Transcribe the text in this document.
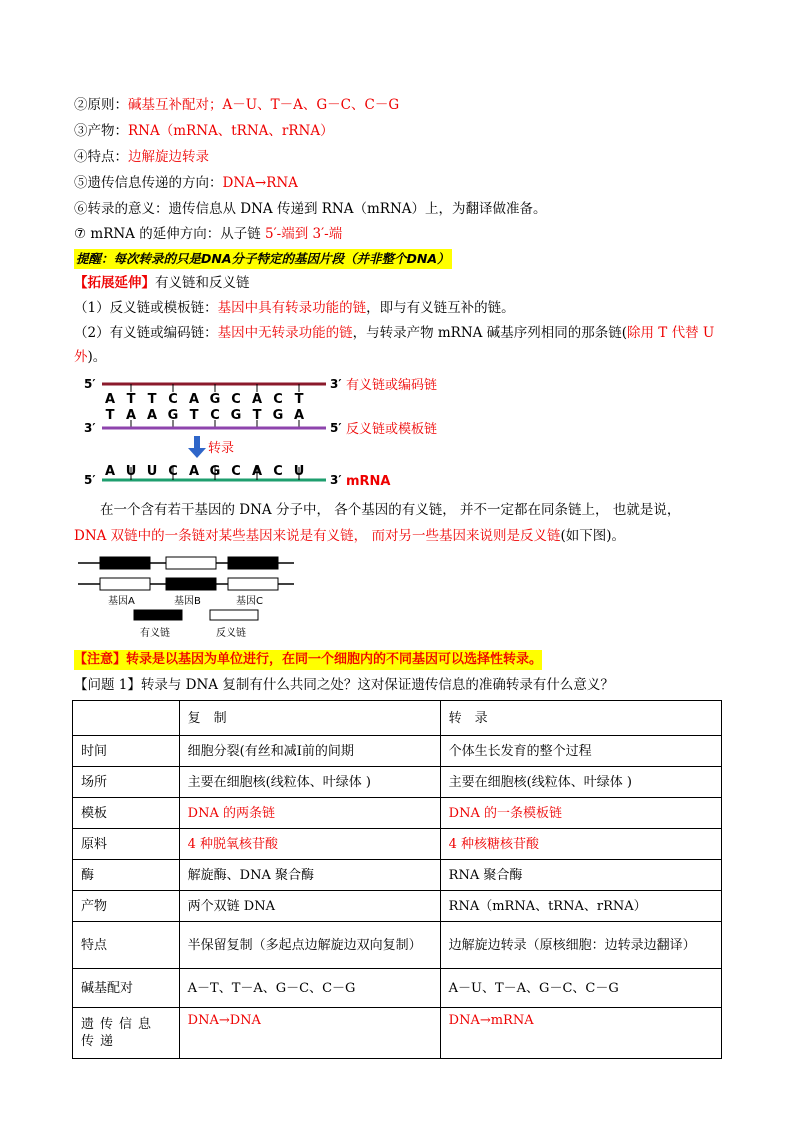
②原则：碱基互补配对；A－U、T－A、G－C、C－G
③产物：RNA（mRNA、tRNA、rRNA）
④特点：边解旋边转录
⑤遗传信息传递的方向：DNA→RNA
⑥转录的意义：遗传信息从 DNA 传递到 RNA（mRNA）上，为翻译做准备。
⑦ mRNA 的延伸方向：从子链 5′-端到 3′-端
提醒：每次转录的只是DNA分子特定的基因片段（并非整个DNA）
【拓展延伸】有义链和反义链
（1）反义链或模板链：基因中具有转录功能的链，即与有义链互补的链。
（2）有义链或编码链：基因中无转录功能的链，与转录产物 mRNA 碱基序列相同的那条链(除用 T 代替 U
外)。
5′	3′ 有义链或编码链
A T T C A G C A C T
T A A G T C G T G A
3′	5′ 反义链或模板链
转录
5′	3′ mRNA
A U U C A G C A C U
在一个含有若干基因的 DNA 分子中， 各个基因的有义链， 并不一定都在同条链上， 也就是说，
DNA 双链中的一条链对某些基因来说是有义链， 而对另一些基因来说则是反义链(如下图)。
基因A	基因B	基因C
有义链	反义链
【注意】转录是以基因为单位进行，在同一个细胞内的不同基因可以选择性转录。
【问题 1】转录与 DNA 复制有什么共同之处？这对保证遗传信息的准确转录有什么意义？
	复　制	转　录
时间	细胞分裂(有丝和减Ⅰ前的间期	个体生长发育的整个过程
场所	主要在细胞核(线粒体、叶绿体 )	主要在细胞核(线粒体、叶绿体 )
模板	DNA 的两条链	DNA 的一条模板链
原料	4 种脱氧核苷酸	4 种核糖核苷酸
酶	解旋酶、DNA 聚合酶	RNA 聚合酶
产物	两个双链 DNA	RNA（mRNA、tRNA、rRNA）
特点	半保留复制（多起点边解旋边双向复制）	边解旋边转录（原核细胞：边转录边翻译）
碱基配对	A－T、T－A、G－C、C－G	A－U、T－A、G－C、C－G
遗传信息传递	DNA→DNA	DNA→mRNA
